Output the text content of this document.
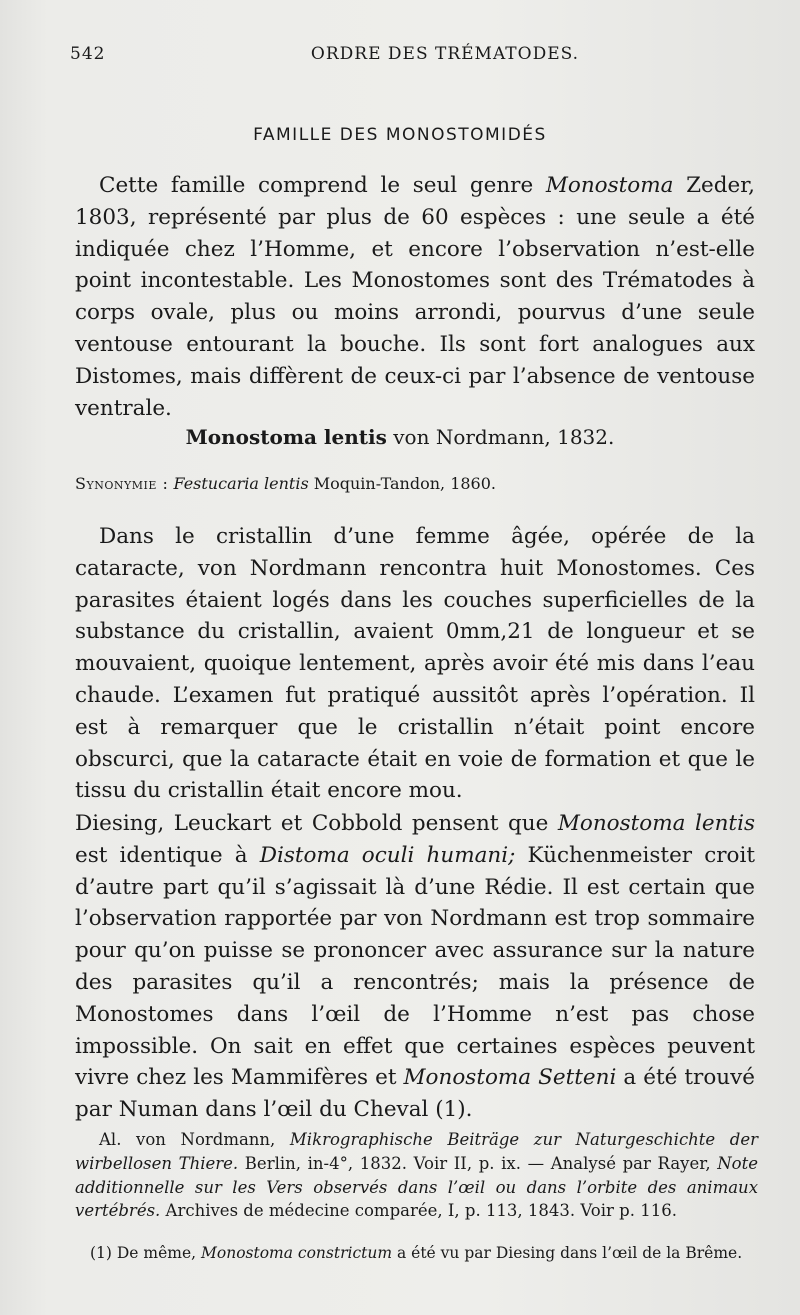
542	ORDRE DES TRÉMATODES.
FAMILLE DES MONOSTOMIDÉS
Cette famille comprend le seul genre Monostoma Zeder, 1803, représenté par plus de 60 espèces : une seule a été indiquée chez l’Homme, et encore l’observation n’est-elle point incontestable. Les Monostomes sont des Trématodes à corps ovale, plus ou moins arrondi, pourvus d’une seule ventouse entourant la bouche. Ils sont fort analogues aux Distomes, mais diffèrent de ceux-ci par l’absence de ventouse ventrale.
Monostoma lentis von Nordmann, 1832.
Synonymie : Festucaria lentis Moquin-Tandon, 1860.
Dans le cristallin d’une femme âgée, opérée de la cataracte, von Nordmann rencontra huit Monostomes. Ces parasites étaient logés dans les couches superficielles de la substance du cristallin, avaient 0mm,21 de longueur et se mouvaient, quoique lentement, après avoir été mis dans l’eau chaude. L’examen fut pratiqué aussitôt après l’opération. Il est à remarquer que le cristallin n’était point encore obscurci, que la cataracte était en voie de formation et que le tissu du cristallin était encore mou.
Diesing, Leuckart et Cobbold pensent que Monostoma lentis est identique à Distoma oculi humani; Küchenmeister croit d’autre part qu’il s’agissait là d’une Rédie. Il est certain que l’observation rapportée par von Nordmann est trop sommaire pour qu’on puisse se prononcer avec assurance sur la nature des parasites qu’il a rencontrés; mais la présence de Monostomes dans l’œil de l’Homme n’est pas chose impossible. On sait en effet que certaines espèces peuvent vivre chez les Mammifères et Monostoma Setteni a été trouvé par Numan dans l’œil du Cheval (1).
Al. von Nordmann, Mikrographische Beiträge zur Naturgeschichte der wirbellosen Thiere. Berlin, in-4°, 1832. Voir II, p. ix. — Analysé par Rayer, Note additionnelle sur les Vers observés dans l’œil ou dans l’orbite des animaux vertébrés. Archives de médecine comparée, I, p. 113, 1843. Voir p. 116.
(1) De même, Monostoma constrictum a été vu par Diesing dans l’œil de la Brême.
